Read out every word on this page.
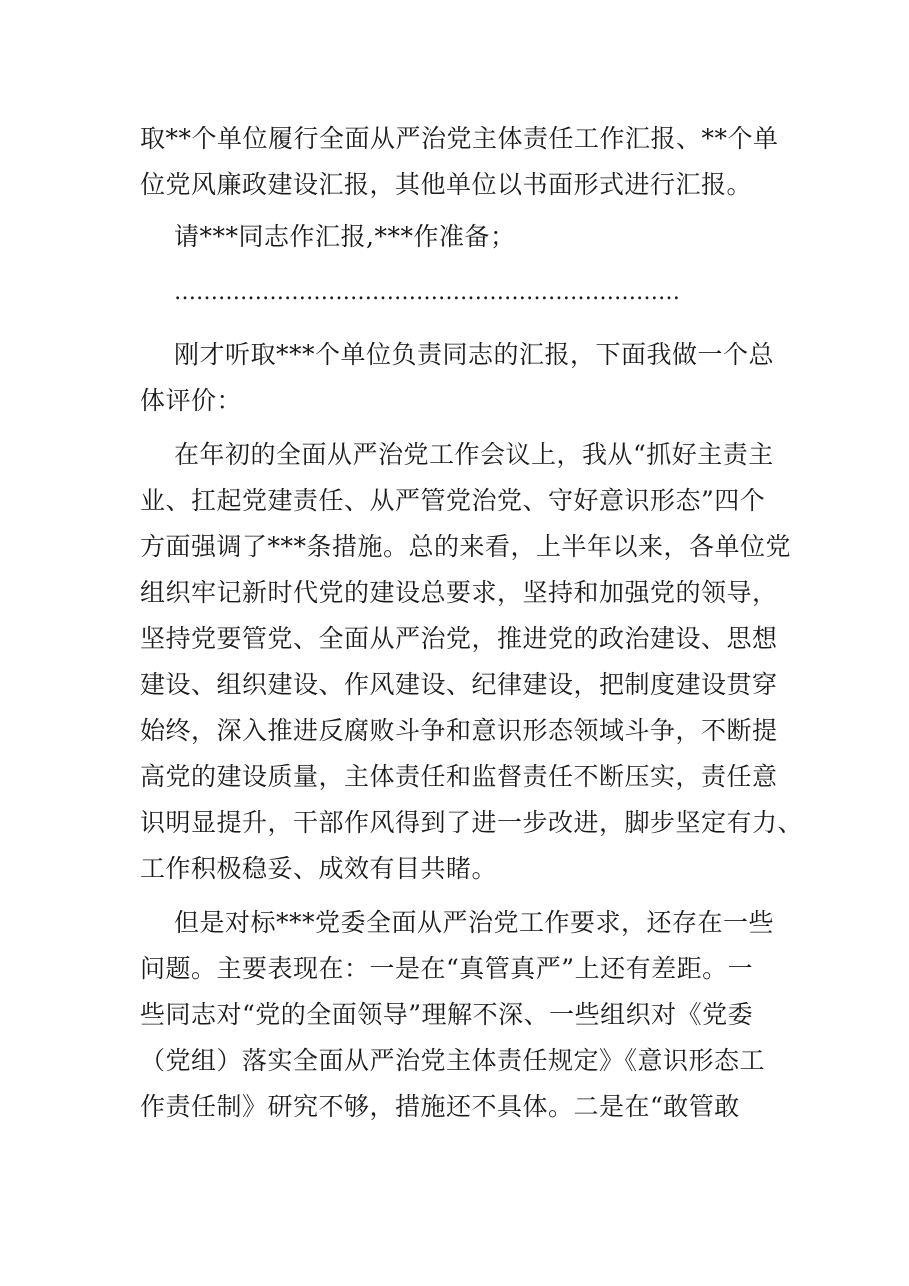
取**个单位履行全面从严治党主体责任工作汇报、**个单
位党风廉政建设汇报，其他单位以书面形式进行汇报。
请***同志作汇报,***作准备；
……………………………………………………………
刚才听取***个单位负责同志的汇报，下面我做一个总
体评价：
在年初的全面从严治党工作会议上，我从“抓好主责主
业、扛起党建责任、从严管党治党、守好意识形态”四个
方面强调了***条措施。总的来看，上半年以来，各单位党
组织牢记新时代党的建设总要求，坚持和加强党的领导，
坚持党要管党、全面从严治党，推进党的政治建设、思想
建设、组织建设、作风建设、纪律建设，把制度建设贯穿
始终，深入推进反腐败斗争和意识形态领域斗争，不断提
高党的建设质量，主体责任和监督责任不断压实，责任意
识明显提升，干部作风得到了进一步改进，脚步坚定有力、
工作积极稳妥、成效有目共睹。
但是对标***党委全面从严治党工作要求，还存在一些
问题。主要表现在：一是在“真管真严”上还有差距。一
些同志对“党的全面领导”理解不深、一些组织对《党委
（党组）落实全面从严治党主体责任规定》《意识形态工
作责任制》研究不够，措施还不具体。二是在“敢管敢
